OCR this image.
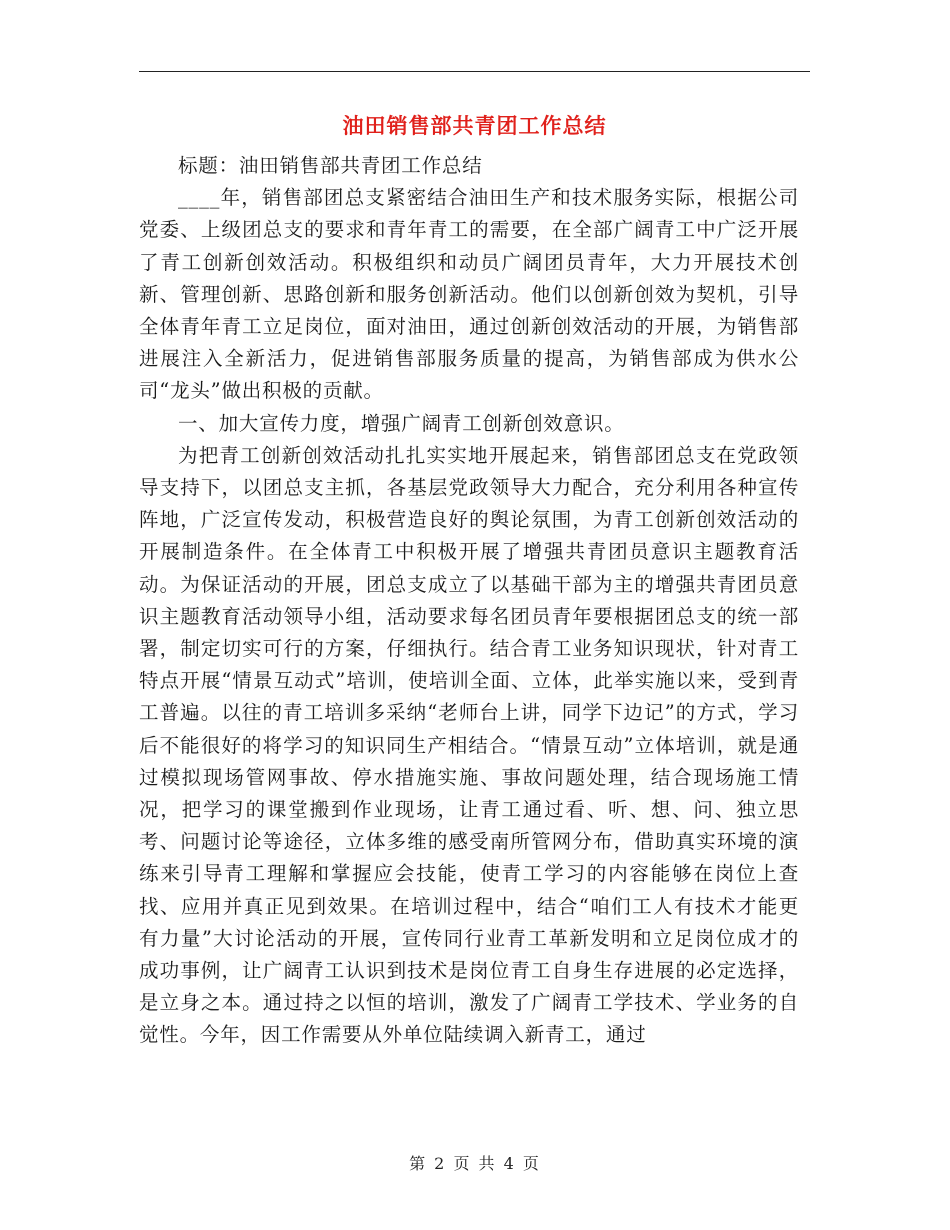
油田销售部共青团工作总结

标题：油田销售部共青团工作总结

____年，销售部团总支紧密结合油田生产和技术服务实际，根据公司党委、上级团总支的要求和青年青工的需要，在全部广阔青工中广泛开展了青工创新创效活动。积极组织和动员广阔团员青年，大力开展技术创新、管理创新、思路创新和服务创新活动。他们以创新创效为契机，引导全体青年青工立足岗位，面对油田，通过创新创效活动的开展，为销售部进展注入全新活力，促进销售部服务质量的提高，为销售部成为供水公司“龙头”做出积极的贡献。

一、加大宣传力度，增强广阔青工创新创效意识。

为把青工创新创效活动扎扎实实地开展起来，销售部团总支在党政领导支持下，以团总支主抓，各基层党政领导大力配合，充分利用各种宣传阵地，广泛宣传发动，积极营造良好的舆论氛围，为青工创新创效活动的开展制造条件。在全体青工中积极开展了增强共青团员意识主题教育活动。为保证活动的开展，团总支成立了以基础干部为主的增强共青团员意识主题教育活动领导小组，活动要求每名团员青年要根据团总支的统一部署，制定切实可行的方案，仔细执行。结合青工业务知识现状，针对青工特点开展“情景互动式”培训，使培训全面、立体，此举实施以来，受到青工普遍。以往的青工培训多采纳“老师台上讲，同学下边记”的方式，学习后不能很好的将学习的知识同生产相结合。“情景互动”立体培训，就是通过模拟现场管网事故、停水措施实施、事故问题处理，结合现场施工情况，把学习的课堂搬到作业现场，让青工通过看、听、想、问、独立思考、问题讨论等途径，立体多维的感受南所管网分布，借助真实环境的演练来引导青工理解和掌握应会技能，使青工学习的内容能够在岗位上查找、应用并真正见到效果。在培训过程中，结合“咱们工人有技术才能更有力量”大讨论活动的开展，宣传同行业青工革新发明和立足岗位成才的成功事例，让广阔青工认识到技术是岗位青工自身生存进展的必定选择，是立身之本。通过持之以恒的培训，激发了广阔青工学技术、学业务的自觉性。今年，因工作需要从外单位陆续调入新青工，通过

第 2 页 共 4 页
